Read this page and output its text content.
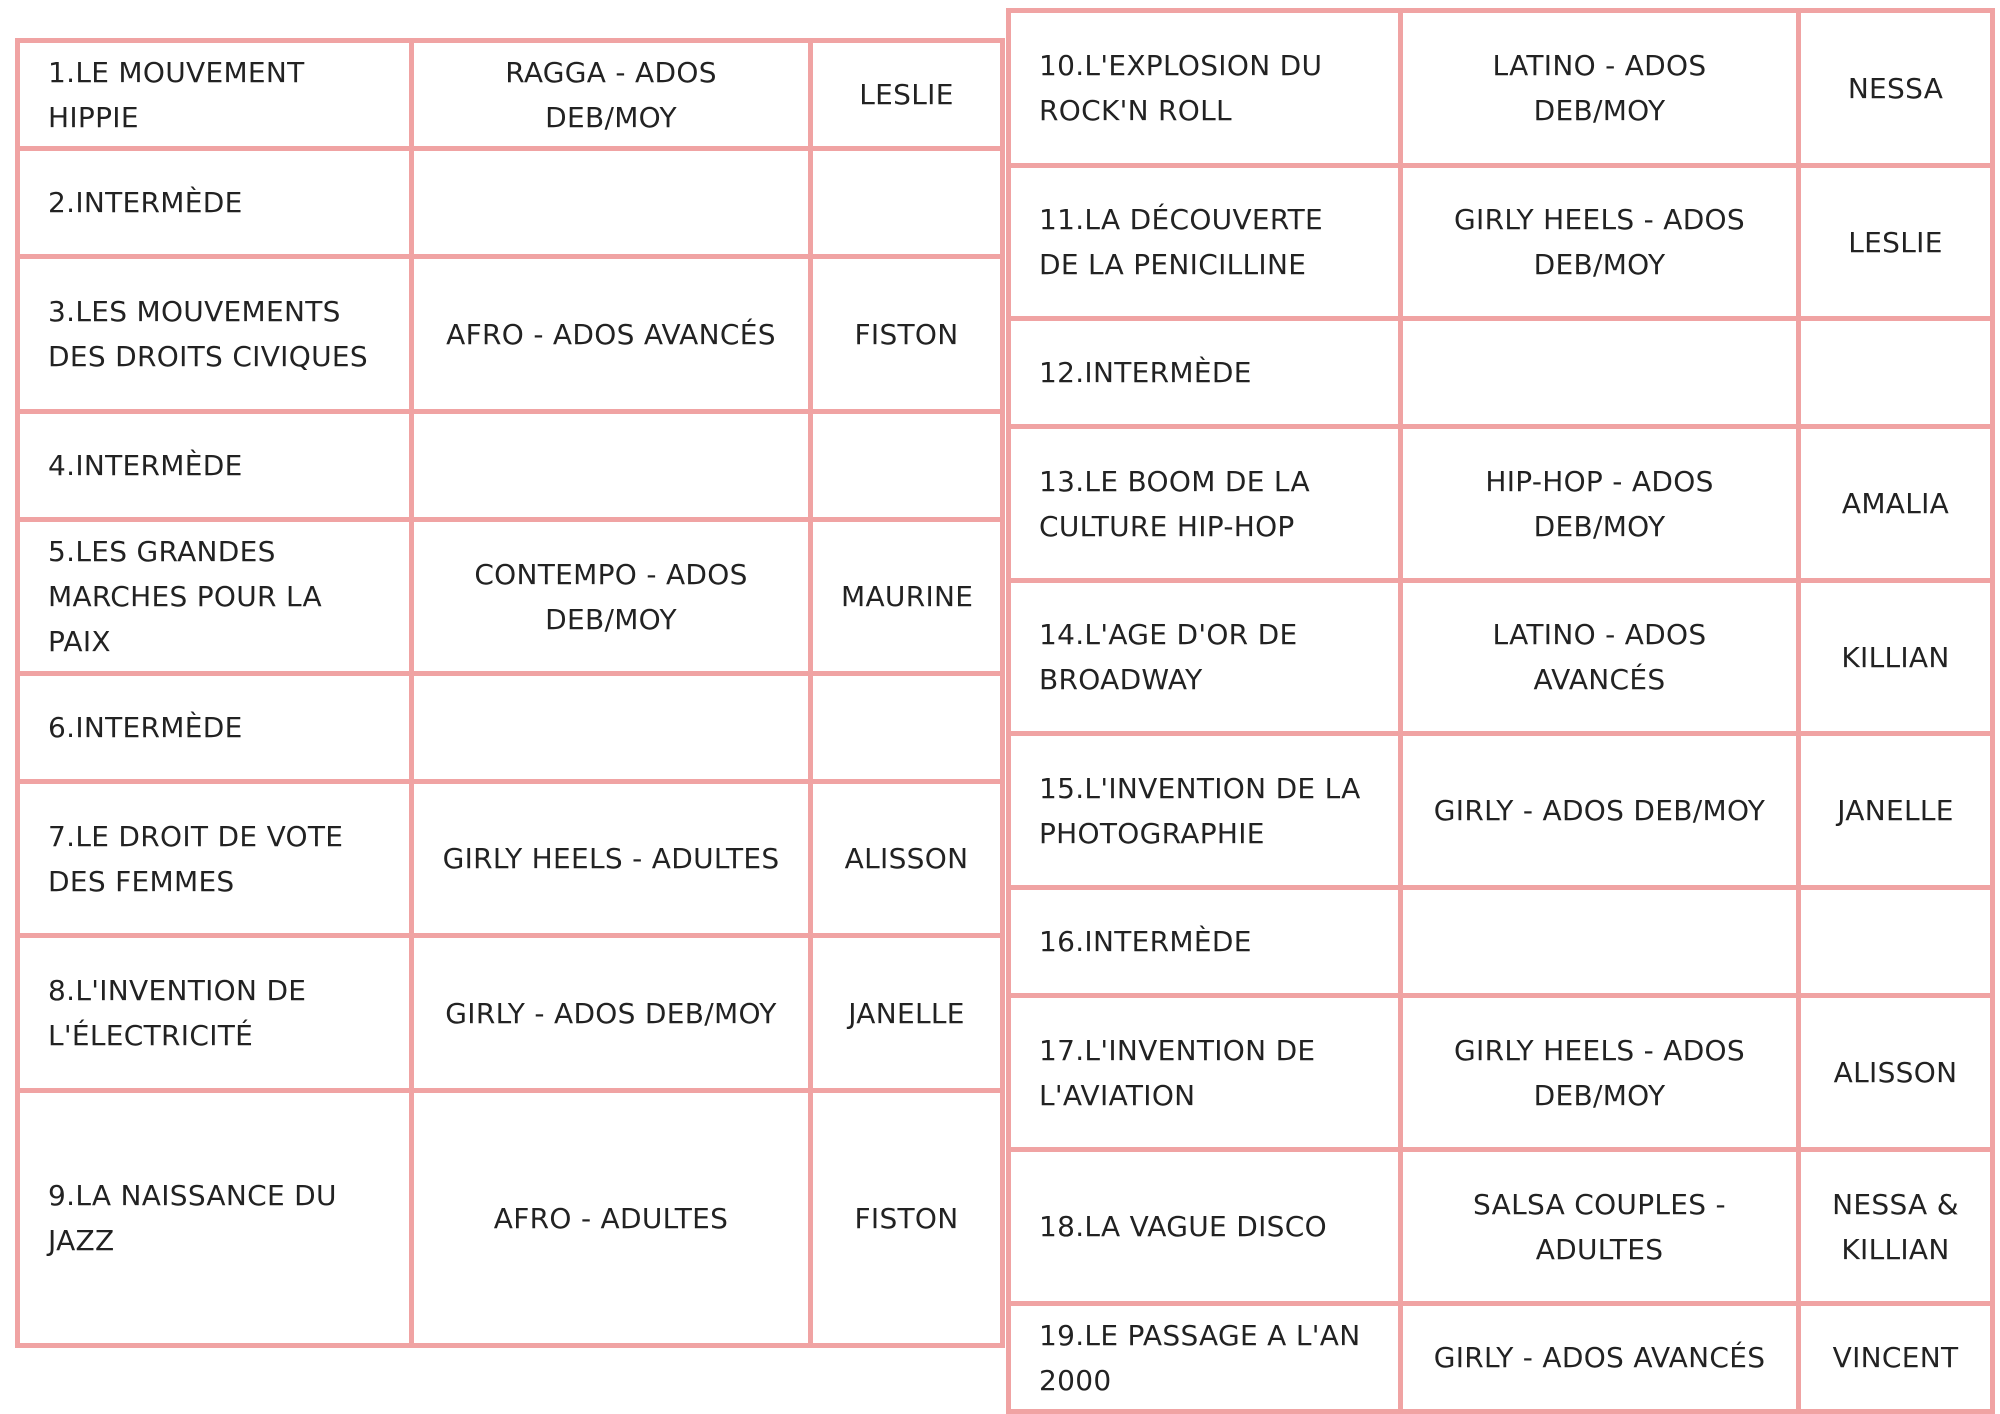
1.LE MOUVEMENT HIPPIE	RAGGA - ADOS DEB/MOY	LESLIE
2.INTERMÈDE		
3.LES MOUVEMENTS DES DROITS CIVIQUES	AFRO - ADOS AVANCÉS	FISTON
4.INTERMÈDE		
5.LES GRANDES MARCHES POUR LA PAIX	CONTEMPO - ADOS DEB/MOY	MAURINE
6.INTERMÈDE		
7.LE DROIT DE VOTE DES FEMMES	GIRLY HEELS - ADULTES	ALISSON
8.L'INVENTION DE L'ÉLECTRICITÉ	GIRLY - ADOS DEB/MOY	JANELLE
9.LA NAISSANCE DU JAZZ	AFRO - ADULTES	FISTON
10.L'EXPLOSION DU ROCK'N ROLL	LATINO - ADOS DEB/MOY	NESSA
11.LA DÉCOUVERTE DE LA PENICILLINE	GIRLY HEELS - ADOS DEB/MOY	LESLIE
12.INTERMÈDE		
13.LE BOOM DE LA CULTURE HIP-HOP	HIP-HOP - ADOS DEB/MOY	AMALIA
14.L'AGE D'OR DE BROADWAY	LATINO - ADOS AVANCÉS	KILLIAN
15.L'INVENTION DE LA PHOTOGRAPHIE	GIRLY - ADOS DEB/MOY	JANELLE
16.INTERMÈDE		
17.L'INVENTION DE L'AVIATION	GIRLY HEELS - ADOS DEB/MOY	ALISSON
18.LA VAGUE DISCO	SALSA COUPLES - ADULTES	NESSA & KILLIAN
19.LE PASSAGE A L'AN 2000	GIRLY - ADOS AVANCÉS	VINCENT
